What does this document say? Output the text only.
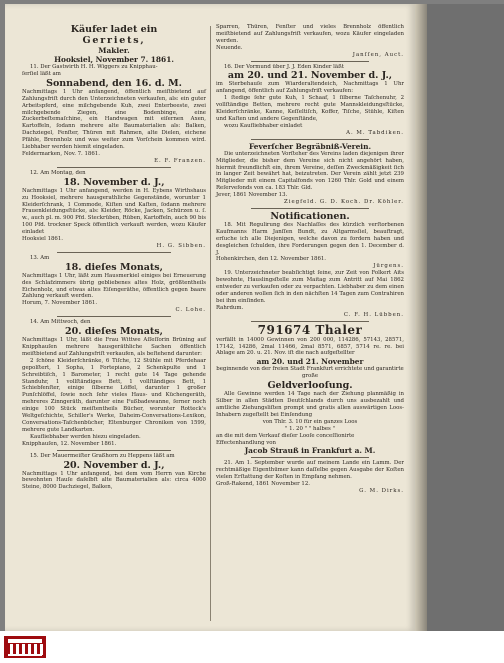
Käufer ladet ein
Gerriets,
Makler.
Hooksiel, November 7. 1861.
11. Der Gastwirth H. H. Wiggers zu Knipphau-
ſerſiel läßt am
Sonnabend, den 16. d. M.
Nachmittags 1 Uhr anfangend, öffentlich meiſtbietend auf Zahlungsfriſt durch den Unterzeichneten verkaufen, als: ein guter Arbeitspferd, eine milchgebende Kuh, zwei Enterbeeste, zwei milchgebende Ziegen, eine Bodenbinge, eine Zuckerbeſtemaſchine, ein Handwagen mit eiſernen Axen, Kartoffeln, ſodann mehrere alte Baumaterialien als: Balken, Dachziegel, Fenſter, Thüren mit Rahmen, alte Dielen, eichene Pfähle, Brennholz und was weiter zum Vorſchein kommen wird. Liebhaber werden hiemit eingeladen.
Feldermarken, Nov. 7. 1861.
E. F. Franzen.
12. Am Montag, den
18. November d. J.,
Nachmittags 1 Uhr anfangend, werden in H. Eybens Wirthshaus zu Hooksiel, mehrere hausgerathliche Gegenstände, worunter 1 Kleiderſchrank, 1 Commode, Kiſten und Kaſten, ſodann mehrere Frauenkleidungsſtücke, als: Kleider, Röcke, Jacken, Schürzen u. ſ. w., auch pl. m. 900 Pfd. Steckrüben, Rüben, Kartoffeln, auch 90 bis 100 Pfd. trockner Speck öffentlich verkauft werden, wozu Käufer einladet
Hooksiel 1861.
H. G. Sibben.
13. Am
18. dieſes Monats,
Nachmittags 1 Uhr, läßt zum Hausmerkiel einiges bei Erneuerung des Schlafzimmers übrig gebliebenes altes Holz, größtentheils Eichenholz, und etwas altes Eiſengeräthe, öffentlich gegen baare Zahlung verkauft werden.
Horum, 7. November 1861.
C. Lohe.
14. Am Mittwoch, den
20. dieſes Monats,
Nachmittags 1 Uhr, läßt die Frau Wittwe Aſſeſſorin Brüning auf Knipphauſen mehrere hausgeräthliche Sachen öffentlich meiſtbietend auf Zahlungsfriſt verkaufen, als beſtehend darunter:
2 ſchöne Kleiderſchränke, 6 Tiſche, 12 Stühle mit Pferdehaar gepolſtert, 1 Sopha, 1 Fortepiano, 2 Schenkpulte und 1 Schreibtiſch, 1 Barometer, 1 recht gute 14 Tage gehende Standuhr, 1 vollſtändiges Bett, 1 vollſtändiges Bett, 1 Schiebfenſter, einige ſilberne Löffel, darunter 1 großer Punſchlöffel, ſowie noch ſehr vieles Haus- und Küchengeräth, mehreres Zinngeräth, darunter eine Fußbadewanne, ſerner noch einige 100 Stück meiſtentheils Bücher, worunter Rotteck's Weltgeſchichte, Schiller's Werke, Daheim-Conversations-Lexikon, Conversations-Taſchenbücher, Eltenburger Chroniken von 1599, mehrere gute Landkarten.
Kaufliebhaber werden hiezu eingeladen.
Knipphauſen, 12. November 1861.
15. Der Mauermeiſter Graßhorn zu Heppens läßt am
20. November d. J.,
Nachmittags 1 Uhr anfangend, bei dem vom Herrn van Kirche bewohnten Hauſe daſelbſt alte Baumaterialien als: circa 4000 Steine, 8000 Dachziegel, Balken,
Sparren, Thüren, Fenſter und vieles Brennholz öffentlich meiſtbietend auf Zahlungsfriſt verkaufen, wozu Käufer eingeladen werden.
Neuende.
Janſſen, Auct.
16. Der Vormund über J. J. Eden Kinder läßt
am 20. und 21. November d. J.,
im Sterbehauſe zum Wiarderaltendeich, Nachmittags 1 Uhr anfangend, öffentlich auf Zahlungsfriſt verkaufen:
1 ſtedige ſehr gute Kuh, 1 Schaaf, 1 ſilberne Taſchenuhr, 2 vollſtändige Betten, mehrere recht gute Mannskleidungsſtücke, Kleiderſchränke, Kanne, Keſſeltiſch, Koffer, Tiſche, Stühle, Kiſten und Kaſten und andere Gegenſtände,
wozu Kaufliebhaber einladet
A. M. Tabdiken.
Feverſcher Begräbniß-Verein.
Die unterzeichneten Vorſteher des Vereins laden diejenigen ihrer Mitglieder, die bisher dem Vereine sich nicht angehört haben, hiermit freundlichſt ein, ihrem Vereine, deſſen Zweckmäßigkeit ſich in langer Zeit bewährt hat, beizutreten. Der Verein zählt jetzt 239 Mitglieder mit einem Capitalfonds von 1260 Thlr. Gold und einem Reſervefonds von ca. 183 Thlr. Gld.
Jever, 1861 November 13.
Ziegfeld. G. D. Koch. Dr. Köhler.
Notificationen.
18. Mit Regulirung des Nachlaſſes des kürzlich verſtorbenen Kaufmanns Harm Janſſen Bundt, zu Altgarmsſiel, beauftragt, erſuche ich alle Diejenigen, welche davon zu fordern haben und desgleichen ſchulden, ihre Forderungen gegen den 1. December d. J.
Hohenkirchen, den 12. November 1861.
Jürgens.
19. Unterzeichneter beabſichtigt ſeine, zur Zeit von Folkert Aits bewohnte, Hauslingsſtelle zum Maitag zum Antritt auf Mai 1862 entweder zu verkaufen oder zu verpachten. Liebhaber zu dem einen oder anderen wollen ſich in den nächſten 14 Tagen zum Contrahiren bei ihm einſinden.
Rahrdum.
C. F. H. Lübben.
791674 Thaler
verfällt in 14000 Gewinnen von 200 000, 114286, 57143, 28571, 17142, 14286, 2mal 11466, 2mal 8571, 6857, 5714 re. re. bei Ablage am 20. u. 21. Nov. iſt die nach aufgeſtellter
am 20. und 21. November
beginnende von der freien Stadt Frankfurt errichtete und garantirte große
Geldverlooſung.
Alle Gewinne werden 14 Tage nach der Ziehung planmäßig in Silber in allen Städten Deutſchlands durch uns ausbezahlt und amtliche Ziehungsliſten prompt und gratis allen auswärtigen Loos-Inhabern zugeſtellt bei Einſendung
von Thlr. 3. 10 für ein ganzes Loos
" 1. 20 " " halbes "
an die mit dem Verkauf dieſer Looſe conceſſionirte Effectenhandlung von
Jacob Strauß in Frankfurt a. M.
21. Am 1. September wurde auf meinem Lande ein Lamm. Der rechtmäßige Eigenthümer kann daſſelbe gegen Ausgabe der Koſten vielen Erſtattung der Koſten in Empfang nehmen.
Groß-Rakend, 1861 November 12.
G. M. Dirks.
